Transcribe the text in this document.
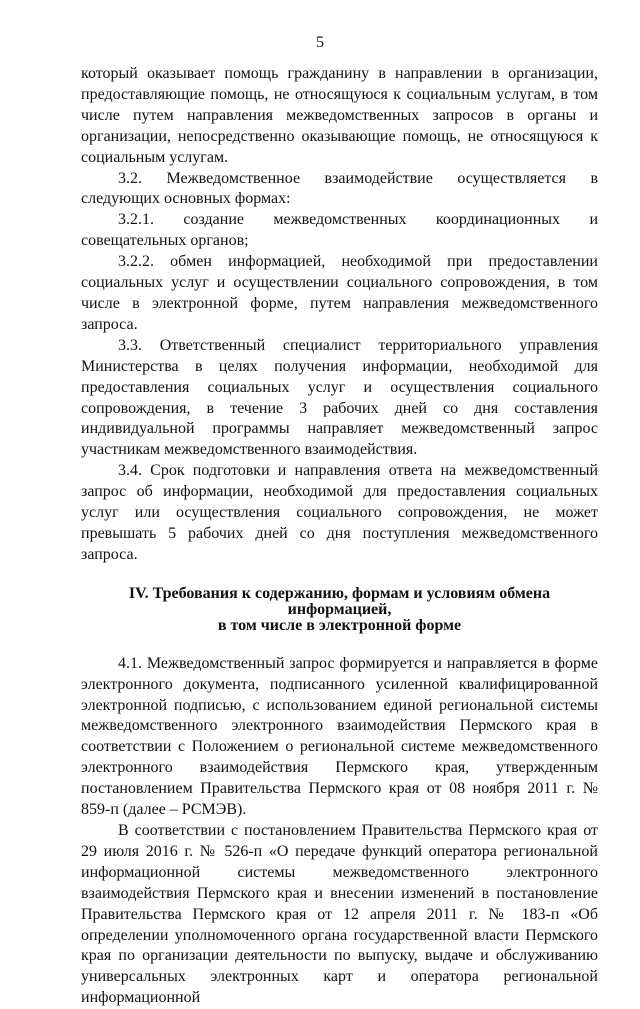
5

который оказывает помощь гражданину в направлении в организации, предоставляющие помощь, не относящуюся к социальным услугам, в том числе путем направления межведомственных запросов в органы и организации, непосредственно оказывающие помощь, не относящуюся к социальным услугам.

3.2. Межведомственное взаимодействие осуществляется в следующих основных формах:

3.2.1. создание межведомственных координационных и совещательных органов;

3.2.2. обмен информацией, необходимой при предоставлении социальных услуг и осуществлении социального сопровождения, в том числе в электронной форме, путем направления межведомственного запроса.

3.3. Ответственный специалист территориального управления Министерства в целях получения информации, необходимой для предоставления социальных услуг и осуществления социального сопровождения, в течение 3 рабочих дней со дня составления индивидуальной программы направляет межведомственный запрос участникам межведомственного взаимодействия.

3.4. Срок подготовки и направления ответа на межведомственный запрос об информации, необходимой для предоставления социальных услуг или осуществления социального сопровождения, не может превышать 5 рабочих дней со дня поступления межведомственного запроса.

IV. Требования к содержанию, формам и условиям обмена информацией,
в том числе в электронной форме

4.1. Межведомственный запрос формируется и направляется в форме электронного документа, подписанного усиленной квалифицированной электронной подписью, с использованием единой региональной системы межведомственного электронного взаимодействия Пермского края в соответствии с Положением о региональной системе межведомственного электронного взаимодействия Пермского края, утвержденным постановлением Правительства Пермского края от 08 ноября 2011 г. № 859-п (далее – РСМЭВ).

В соответствии с постановлением Правительства Пермского края от 29 июля 2016 г. № 526-п «О передаче функций оператора региональной информационной системы межведомственного электронного взаимодействия Пермского края и внесении изменений в постановление Правительства Пермского края от 12 апреля 2011 г. № 183-п «Об определении уполномоченного органа государственной власти Пермского края по организации деятельности по выпуску, выдаче и обслуживанию универсальных электронных карт и оператора региональной информационной
